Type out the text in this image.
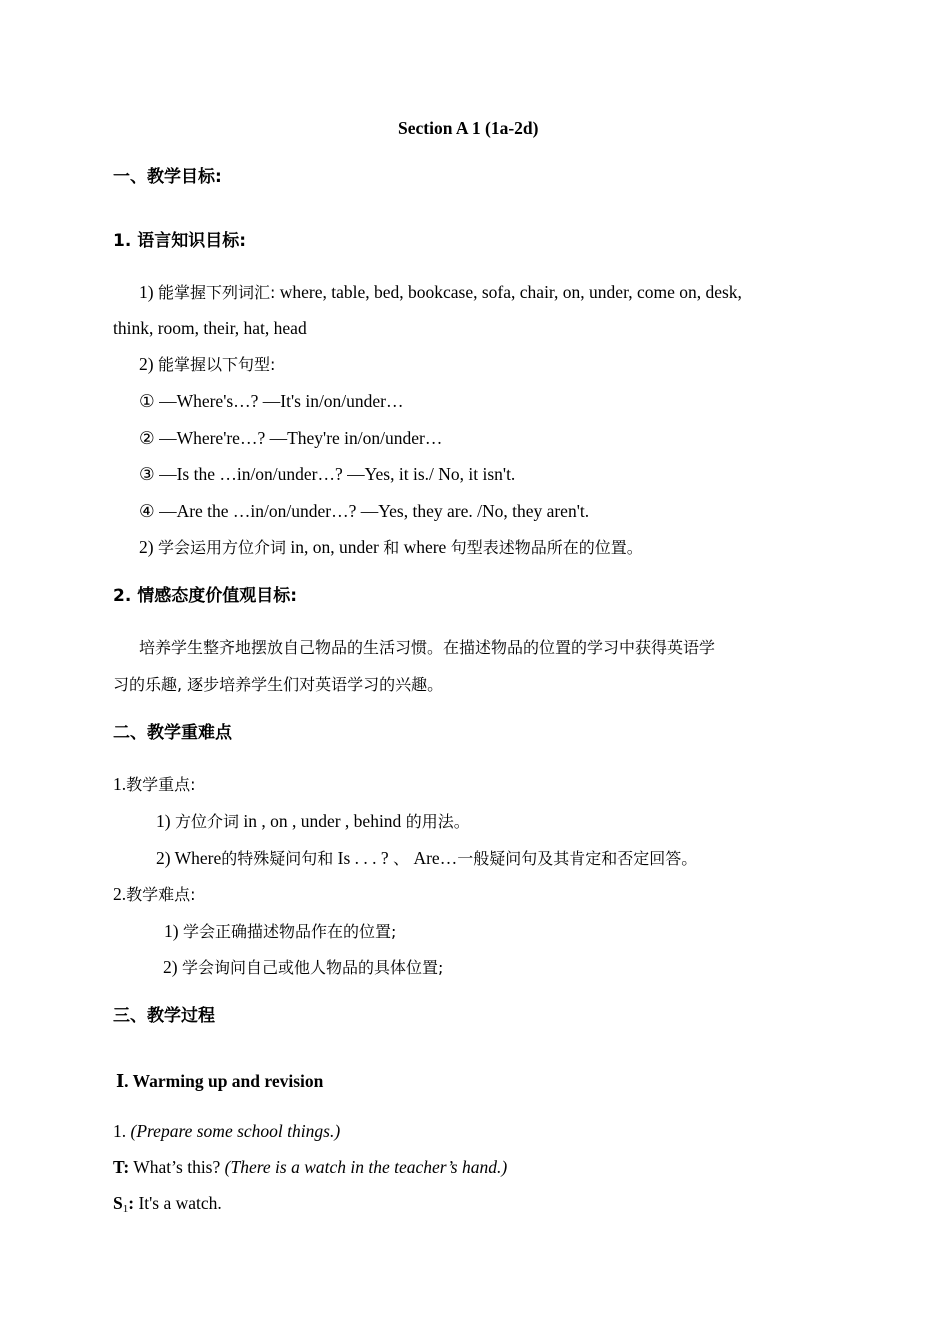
Section A 1 (1a-2d)
一、教学目标:
1. 语言知识目标:
1) 能掌握下列词汇: where, table, bed, bookcase, sofa, chair, on, under, come on, desk,
think, room, their, hat, head
2) 能掌握以下句型:
① —Where's…? —It's in/on/under…
② —Where're…? —They're in/on/under…
③ —Is the …in/on/under…? —Yes, it is./ No, it isn't.
④ —Are the …in/on/under…? —Yes, they are. /No, they aren't.
2) 学会运用方位介词 in, on, under 和 where 句型表述物品所在的位置。
2. 情感态度价值观目标:
培养学生整齐地摆放自己物品的生活习惯。在描述物品的位置的学习中获得英语学
习的乐趣, 逐步培养学生们对英语学习的兴趣。
二、教学重难点
1.教学重点:
1) 方位介词 in , on , under , behind 的用法。
2) Where的特殊疑问句和 Is . . . ? 、 Are…一般疑问句及其肯定和否定回答。
2.教学难点:
1) 学会正确描述物品作在的位置;
2) 学会询问自己或他人物品的具体位置;
三、教学过程
Ⅰ. Warming up and revision
1. (Prepare some school things.)
T: What’s this? (There is a watch in the teacher’s hand.)
$S_1$: It's a watch.
